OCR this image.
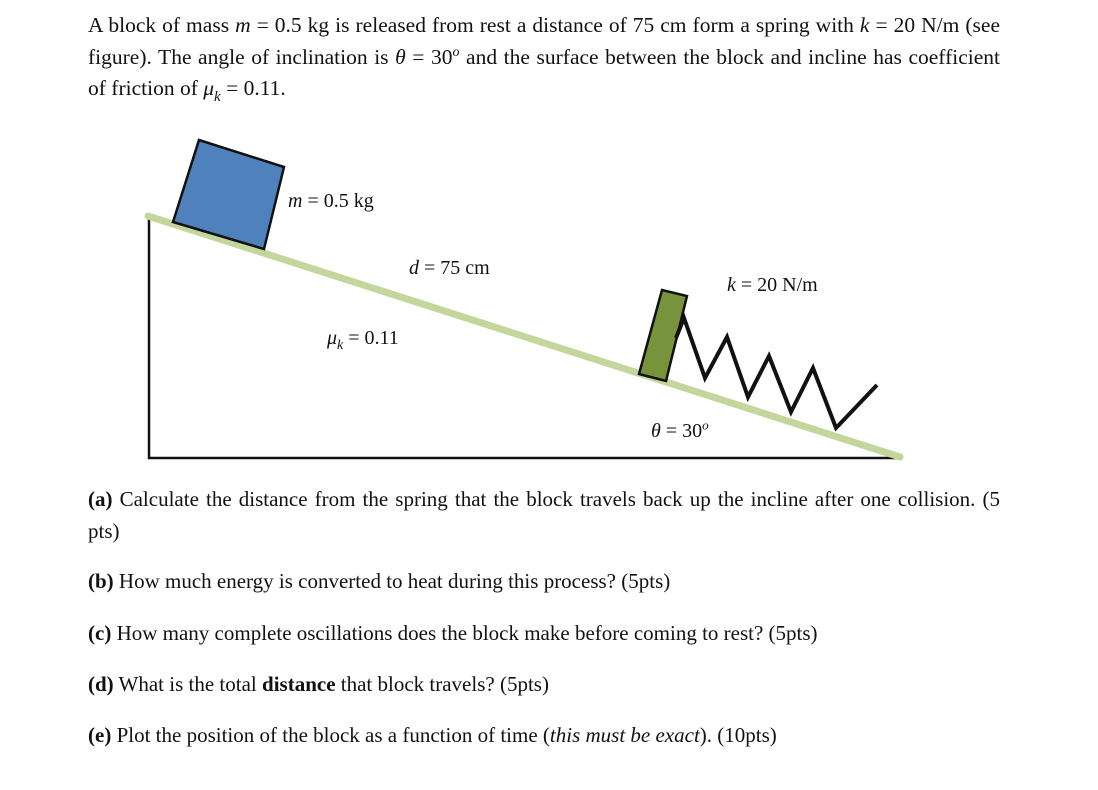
A block of mass m = 0.5 kg is released from rest a distance of 75 cm form a spring with k = 20 N/m (see figure). The angle of inclination is $\theta = 30^o$ and the surface between the block and incline has coefficient of friction of $\mu_k = 0.11$.
m = 0.5 kg
d = 75 cm
$\mu_k = 0.11$
k = 20 N/m
$\theta = 30^o$
(a) Calculate the distance from the spring that the block travels back up the incline after one collision. (5 pts)
(b) How much energy is converted to heat during this process? (5pts)
(c) How many complete oscillations does the block make before coming to rest? (5pts)
(d) What is the total distance that block travels? (5pts)
(e) Plot the position of the block as a function of time (this must be exact). (10pts)
